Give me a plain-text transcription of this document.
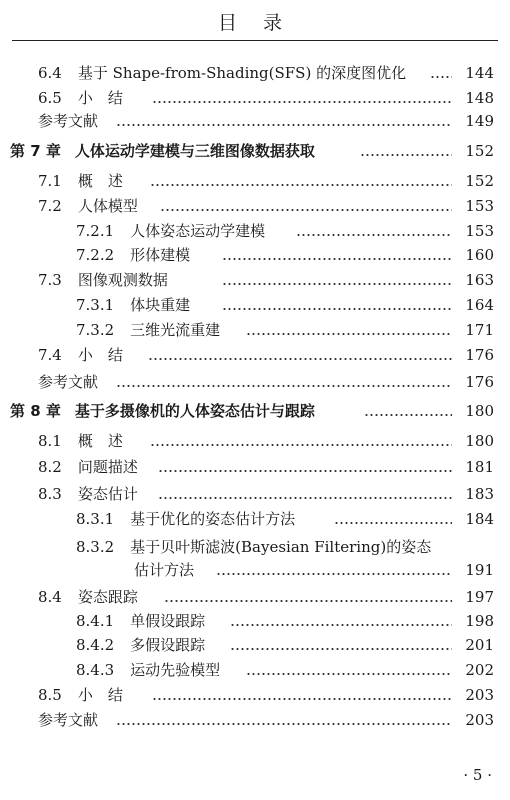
目 录
6.4 基于 Shape-from-Shading(SFS) 的深度图优化	144
6.5 小　结	148
参考文献	149
第 7 章 人体运动学建模与三维图像数据获取	152
7.1 概　述	152
7.2 人体模型	153
7.2.1 人体姿态运动学建模	153
7.2.2 形体建模	160
7.3 图像观测数据	163
7.3.1 体块重建	164
7.3.2 三维光流重建	171
7.4 小　结	176
参考文献	176
第 8 章 基于多摄像机的人体姿态估计与跟踪	180
8.1 概　述	180
8.2 问题描述	181
8.3 姿态估计	183
8.3.1 基于优化的姿态估计方法	184
8.3.2 基于贝叶斯滤波(Bayesian Filtering)的姿态
估计方法	191
8.4 姿态跟踪	197
8.4.1 单假设跟踪	198
8.4.2 多假设跟踪	201
8.4.3 运动先验模型	202
8.5 小　结	203
参考文献	203
· 5 ·
